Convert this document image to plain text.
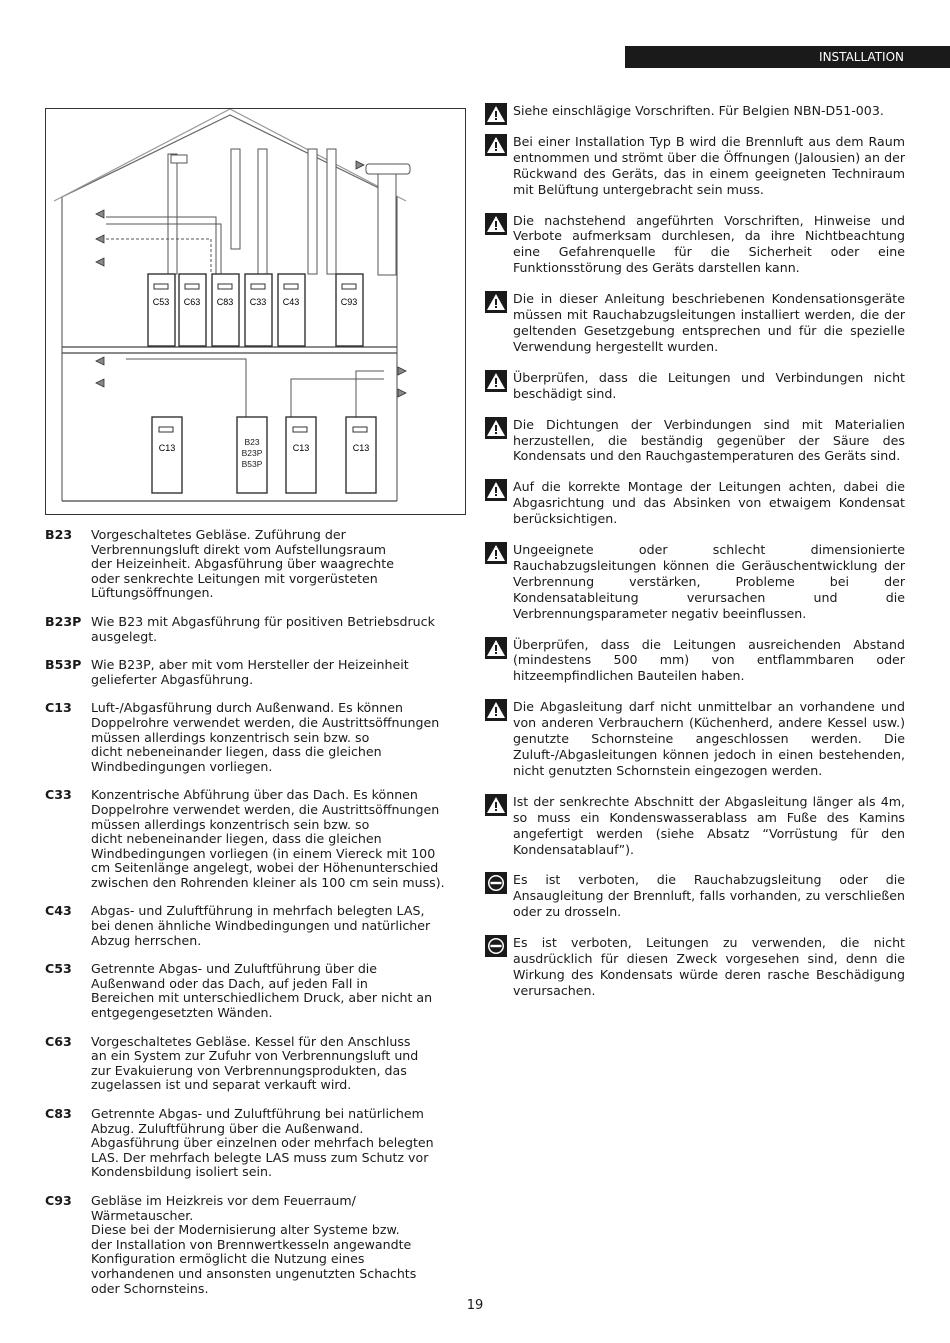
INSTALLATION
C53 C63 C83 C33 C43	C93
C13
B23
B23P
B53P
C13	C13
B23	Vorgeschaltetes Gebläse. Zuführung der
Verbrennungsluft direkt vom Aufstellungsraum
der Heizeinheit. Abgasführung über waagrechte
oder senkrechte Leitungen mit vorgerüsteten
Lüftungsöffnungen.
B23P Wie B23 mit Abgasführung für positiven Betriebsdruck
ausgelegt.
B53P Wie B23P, aber mit vom Hersteller der Heizeinheit
gelieferter Abgasführung.
C13	Luft-/Abgasführung durch Außenwand. Es können
Doppelrohre verwendet werden, die Austrittsöffnungen
müssen allerdings konzentrisch sein bzw. so
dicht nebeneinander liegen, dass die gleichen
Windbedingungen vorliegen.
C33	Konzentrische Abführung über das Dach. Es können
Doppelrohre verwendet werden, die Austrittsöffnungen
müssen allerdings konzentrisch sein bzw. so
dicht nebeneinander liegen, dass die gleichen
Windbedingungen vorliegen (in einem Viereck mit 100
cm Seitenlänge angelegt, wobei der Höhenunterschied
zwischen den Rohrenden kleiner als 100 cm sein muss).
C43	Abgas- und Zuluftführung in mehrfach belegten LAS,
bei denen ähnliche Windbedingungen und natürlicher
Abzug herrschen.
C53	Getrennte Abgas- und Zuluftführung über die
Außenwand oder das Dach, auf jeden Fall in
Bereichen mit unterschiedlichem Druck, aber nicht an
entgegengesetzten Wänden.
C63	Vorgeschaltetes Gebläse. Kessel für den Anschluss
an ein System zur Zufuhr von Verbrennungsluft und
zur Evakuierung von Verbrennungsprodukten, das
zugelassen ist und separat verkauft wird.
C83	Getrennte Abgas- und Zuluftführung bei natürlichem
Abzug. Zuluftführung über die Außenwand.
Abgasführung über einzelnen oder mehrfach belegten
LAS. Der mehrfach belegte LAS muss zum Schutz vor
Kondensbildung isoliert sein.
C93	Gebläse im Heizkreis vor dem Feuerraum/
Wärmetauscher.
Diese bei der Modernisierung alter Systeme bzw.
der Installation von Brennwertkesseln angewandte
Konfiguration ermöglicht die Nutzung eines
vorhandenen und ansonsten ungenutzten Schachts
oder Schornsteins.
Siehe einschlägige Vorschriften. Für Belgien NBN-D51-003.
Bei einer Installation Typ B wird die Brennluft aus dem Raum entnommen und strömt über die Öffnungen (Jalousien) an der Rückwand des Geräts, das in einem geeigneten Techniraum mit Belüftung untergebracht sein muss.
Die nachstehend angeführten Vorschriften, Hinweise und Verbote aufmerksam durchlesen, da ihre Nichtbeachtung eine Gefahrenquelle für die Sicherheit oder eine Funktionsstörung des Geräts darstellen kann.
Die in dieser Anleitung beschriebenen Kondensationsgeräte müssen mit Rauchabzugsleitungen installiert werden, die der geltenden Gesetzgebung entsprechen und für die spezielle Verwendung hergestellt wurden.
Überprüfen, dass die Leitungen und Verbindungen nicht beschädigt sind.
Die Dichtungen der Verbindungen sind mit Materialien herzustellen, die beständig gegenüber der Säure des Kondensats und den Rauchgastemperaturen des Geräts sind.
Auf die korrekte Montage der Leitungen achten, dabei die Abgasrichtung und das Absinken von etwaigem Kondensat berücksichtigen.
Ungeeignete oder schlecht dimensionierte Rauchabzugsleitungen können die Geräuschentwicklung der Verbrennung verstärken, Probleme bei der Kondensatableitung verursachen und die Verbrennungsparameter negativ beeinflussen.
Überprüfen, dass die Leitungen ausreichenden Abstand (mindestens 500 mm) von entflammbaren oder hitzeempfindlichen Bauteilen haben.
Die Abgasleitung darf nicht unmittelbar an vorhandene und von anderen Verbrauchern (Küchenherd, andere Kessel usw.) genutzte Schornsteine angeschlossen werden. Die Zuluft-/Abgasleitungen können jedoch in einen bestehenden, nicht genutzten Schornstein eingezogen werden.
Ist der senkrechte Abschnitt der Abgasleitung länger als 4m, so muss ein Kondenswasserablass am Fuße des Kamins angefertigt werden (siehe Absatz “Vorrüstung für den Kondensatablauf”).
Es ist verboten, die Rauchabzugsleitung oder die Ansaugleitung der Brennluft, falls vorhanden, zu verschließen oder zu drosseln.
Es ist verboten, Leitungen zu verwenden, die nicht ausdrücklich für diesen Zweck vorgesehen sind, denn die Wirkung des Kondensats würde deren rasche Beschädigung verursachen.
19
